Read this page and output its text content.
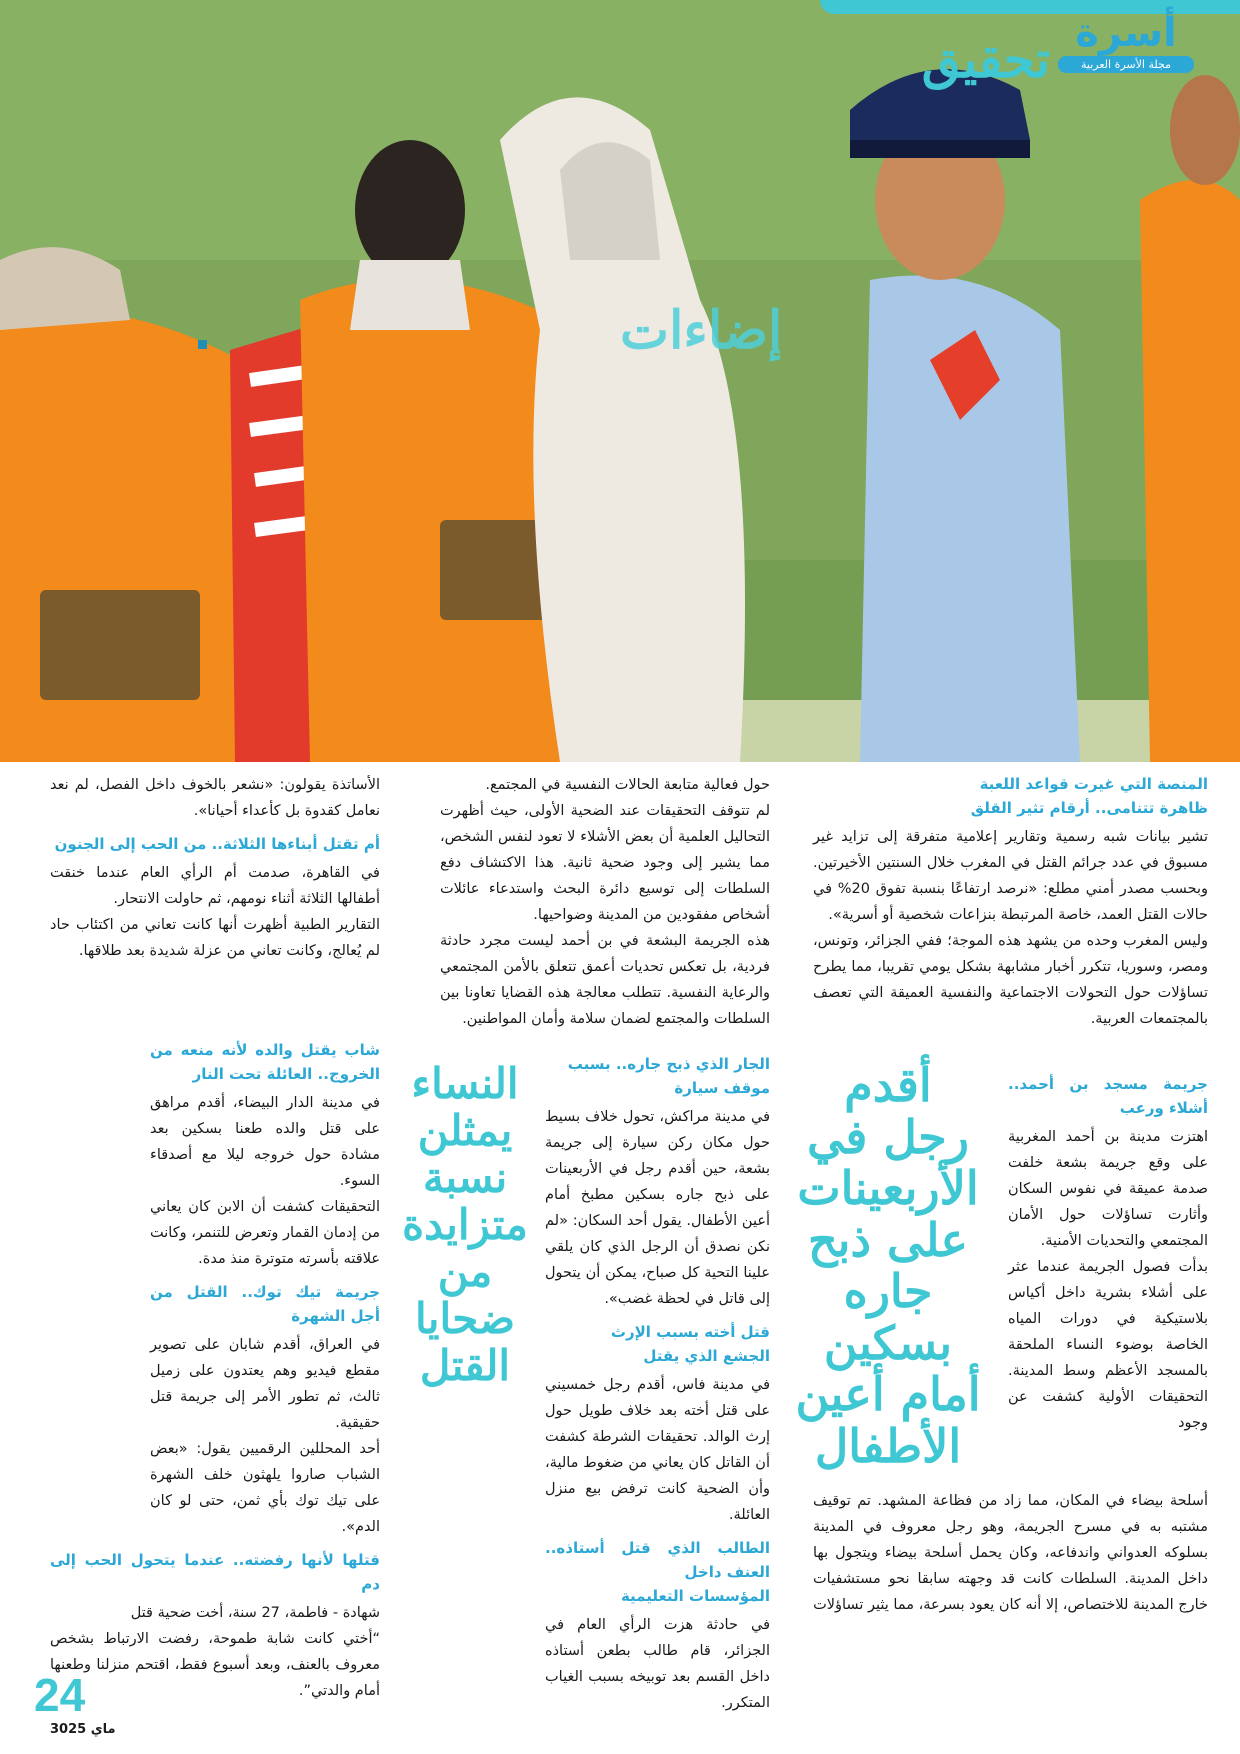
أسرة
مجلة الأسرة العربية
تحقيق
إضاءات
المنصة التي غيرت قواعد اللعبة
ظاهرة تتنامى.. أرقام تثير القلق

تشير بيانات شبه رسمية وتقارير إعلامية متفرقة إلى تزايد غير مسبوق في عدد جرائم القتل في المغرب خلال السنتين الأخيرتين. وبحسب مصدر أمني مطلع: «نرصد ارتفاعًا بنسبة تفوق 20% في حالات القتل العمد، خاصة المرتبطة بنزاعات شخصية أو أسرية».

وليس المغرب وحده من يشهد هذه الموجة؛ ففي الجزائر، وتونس، ومصر، وسوريا، تتكرر أخبار مشابهة بشكل يومي تقريبا، مما يطرح تساؤلات حول التحولات الاجتماعية والنفسية العميقة التي تعصف بالمجتمعات العربية.

جريمة مسجد بن أحمد.. أشلاء ورعب

اهتزت مدينة بن أحمد المغربية على وقع جريمة بشعة خلفت صدمة عميقة في نفوس السكان وأثارت تساؤلات حول الأمان المجتمعي والتحديات الأمنية.

بدأت فصول الجريمة عندما عثر على أشلاء بشرية داخل أكياس بلاستيكية في دورات المياه الخاصة بوضوء النساء الملحقة بالمسجد الأعظم وسط المدينة. التحقيقات الأولية كشفت عن وجود

أسلحة بيضاء في المكان، مما زاد من فظاعة المشهد. تم توقيف مشتبه به في مسرح الجريمة، وهو رجل معروف في المدينة بسلوكه العدواني واندفاعه، وكان يحمل أسلحة بيضاء ويتجول بها داخل المدينة. السلطات كانت قد وجهته سابقا نحو مستشفيات خارج المدينة للاختصاص، إلا أنه كان يعود بسرعة، مما يثير تساؤلات

أقدم
رجل في
الأربعينات
على ذبح
جاره بسكين
أمام أعين
الأطفال

حول فعالية متابعة الحالات النفسية في المجتمع.

لم تتوقف التحقيقات عند الضحية الأولى، حيث أظهرت التحاليل العلمية أن بعض الأشلاء لا تعود لنفس الشخص، مما يشير إلى وجود ضحية ثانية. هذا الاكتشاف دفع السلطات إلى توسيع دائرة البحث واستدعاء عائلات أشخاص مفقودين من المدينة وضواحيها.

هذه الجريمة البشعة في بن أحمد ليست مجرد حادثة فردية، بل تعكس تحديات أعمق تتعلق بالأمن المجتمعي والرعاية النفسية. تتطلب معالجة هذه القضايا تعاونا بين السلطات والمجتمع لضمان سلامة وأمان المواطنين.

الجار الذي ذبح جاره.. بسبب
موقف سيارة

في مدينة مراكش، تحول خلاف بسيط حول مكان ركن سيارة إلى جريمة بشعة، حين أقدم رجل في الأربعينات على ذبح جاره بسكين مطبخ أمام أعين الأطفال. يقول أحد السكان: «لم نكن نصدق أن الرجل الذي كان يلقي علينا التحية كل صباح، يمكن أن يتحول إلى قاتل في لحظة غضب».

قتل أخته بسبب الإرث
الجشع الذي يقتل

في مدينة فاس، أقدم رجل خمسيني على قتل أخته بعد خلاف طويل حول إرث الوالد. تحقيقات الشرطة كشفت أن القاتل كان يعاني من ضغوط مالية، وأن الضحية كانت ترفض بيع منزل العائلة.

الطالب الذي قتل أستاذه.. العنف داخل
المؤسسات التعليمية

في حادثة هزت الرأي العام في الجزائر، قام طالب بطعن أستاذه داخل القسم بعد توبيخه بسبب الغياب المتكرر.

النساء
يمثلن
نسبة
متزايدة
من
ضحايا
القتل

الأساتذة يقولون: «نشعر بالخوف داخل الفصل، لم نعد نعامل كقدوة بل كأعداء أحيانا».

أم تقتل أبناءها الثلاثة.. من الحب إلى الجنون

في القاهرة، صدمت أم الرأي العام عندما خنقت أطفالها الثلاثة أثناء نومهم، ثم حاولت الانتحار.

التقارير الطبية أظهرت أنها كانت تعاني من اكتئاب حاد لم يُعالج، وكانت تعاني من عزلة شديدة بعد طلاقها.

شاب يقتل والده لأنه منعه من الخروج.. العائلة تحت النار

في مدينة الدار البيضاء، أقدم مراهق على قتل والده طعنا بسكين بعد مشادة حول خروجه ليلا مع أصدقاء السوء.

التحقيقات كشفت أن الابن كان يعاني من إدمان القمار وتعرض للتنمر، وكانت علاقته بأسرته متوترة منذ مدة.

جريمة تيك توك.. القتل من أجل الشهرة

في العراق، أقدم شابان على تصوير مقطع فيديو وهم يعتدون على زميل ثالث، ثم تطور الأمر إلى جريمة قتل حقيقية.

أحد المحللين الرقميين يقول: «بعض الشباب صاروا يلهثون خلف الشهرة على تيك توك بأي ثمن، حتى لو كان الدم».

قتلها لأنها رفضته.. عندما يتحول الحب إلى دم

شهادة - فاطمة، 27 سنة، أخت ضحية قتل

“أختي كانت شابة طموحة، رفضت الارتباط بشخص معروف بالعنف، وبعد أسبوع فقط، اقتحم منزلنا وطعنها أمام والدتي”.

24
ماي 3025
